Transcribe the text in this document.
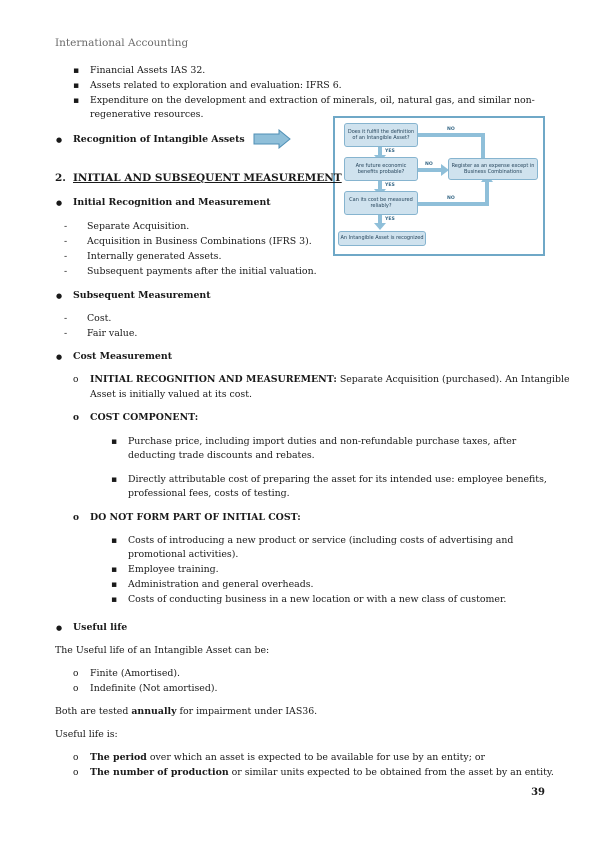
International Accounting
▪ Financial Assets IAS 32.
▪ Assets related to exploration and evaluation: IFRS 6.
▪ Expenditure on the development and extraction of minerals, oil, natural gas, and similar non-
regenerative resources.
● Recognition of Intangible Assets
Does it fulfill the definition of an Intangible Asset?
Are future economic benefits probable?
Can its cost be measured reliably?
An Intangible Asset is recognized
Register as an expense except in Business Combinations
NO
NO
NO
YES
YES
YES
2. INITIAL AND SUBSEQUENT MEASUREMENT
● Initial Recognition and Measurement
- Separate Acquisition.
- Acquisition in Business Combinations (IFRS 3).
- Internally generated Assets.
- Subsequent payments after the initial valuation.
● Subsequent Measurement
- Cost.
- Fair value.
● Cost Measurement
o INITIAL RECOGNITION AND MEASUREMENT: Separate Acquisition (purchased). An Intangible
Asset is initially valued at its cost.
o COST COMPONENT:
▪ Purchase price, including import duties and non-refundable purchase taxes, after
deducting trade discounts and rebates.
▪ Directly attributable cost of preparing the asset for its intended use: employee benefits,
professional fees, costs of testing.
o DO NOT FORM PART OF INITIAL COST:
▪ Costs of introducing a new product or service (including costs of advertising and
promotional activities).
▪ Employee training.
▪ Administration and general overheads.
▪ Costs of conducting business in a new location or with a new class of customer.
● Useful life
The Useful life of an Intangible Asset can be:
o Finite (Amortised).
o Indefinite (Not amortised).
Both are tested annually for impairment under IAS36.
Useful life is:
o The period over which an asset is expected to be available for use by an entity; or
o The number of production or similar units expected to be obtained from the asset by an entity.
39
